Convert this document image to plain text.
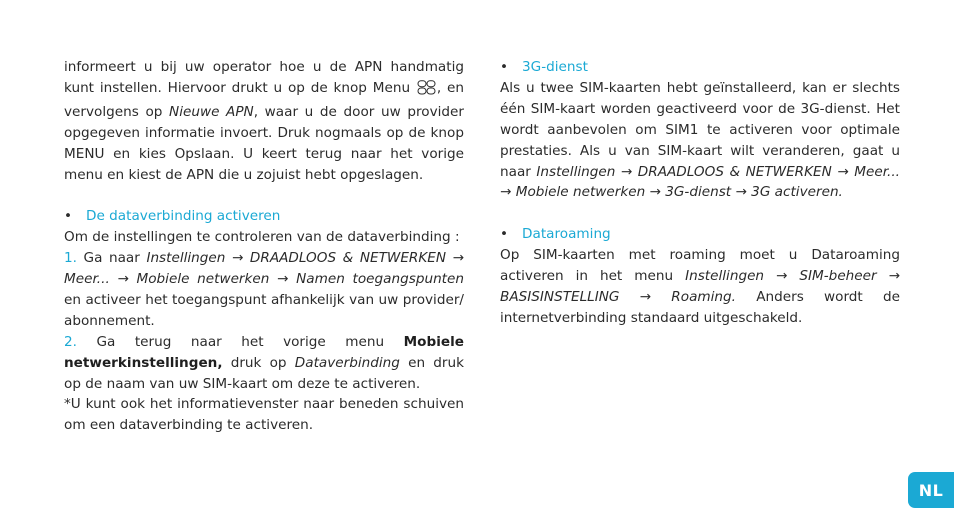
informeert u bij uw operator hoe u de APN handmatig kunt instellen. Hiervoor drukt u op de knop Menu , en vervolgens op Nieuwe APN, waar u de door uw provider opgegeven informatie invoert. Druk nogmaals op de knop MENU en kies Opslaan. U keert terug naar het vorige menu en kiest de APN die u zojuist hebt opgeslagen.

• De dataverbinding activeren

Om de instellingen te controleren van de dataverbinding :

1. Ga naar Instellingen → DRAADLOOS & NETWERKEN → Meer... → Mobiele netwerken → Namen toegangspunten en activeer het toegangspunt afhankelijk van uw provider/ abonnement.

2. Ga terug naar het vorige menu Mobiele netwerkinstellingen, druk op Dataverbinding en druk op de naam van uw SIM-kaart om deze te activeren.

*U kunt ook het informatievenster naar beneden schuiven om een dataverbinding te activeren.

• 3G-dienst

Als u twee SIM-kaarten hebt geïnstalleerd, kan er slechts één SIM-kaart worden geactiveerd voor de 3G-dienst. Het wordt aanbevolen om SIM1 te activeren voor optimale prestaties. Als u van SIM-kaart wilt veranderen, gaat u naar Instellingen → DRAADLOOS & NETWERKEN → Meer... → Mobiele netwerken → 3G-dienst → 3G activeren.

• Dataroaming

Op SIM-kaarten met roaming moet u Dataroaming activeren in het menu Instellingen → SIM-beheer → BASISINSTELLING → Roaming. Anders wordt de internetverbinding standaard uitgeschakeld.

NL
